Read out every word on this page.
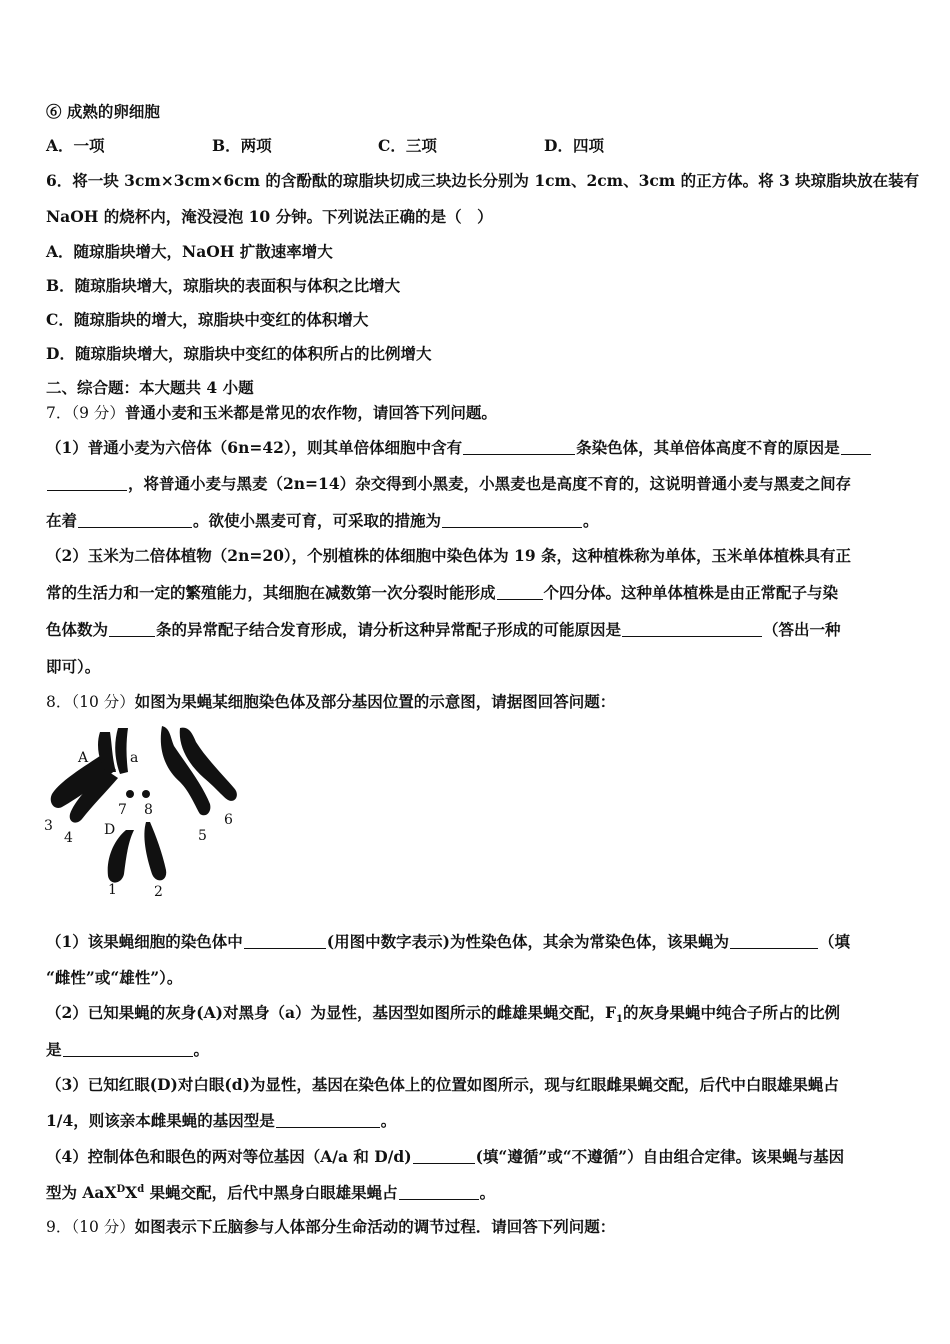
⑥ 成熟的卵细胞
A．一项	B．两项	C．三项	D．四项
6．将一块 3cm×3cm×6cm 的含酚酞的琼脂块切成三块边长分别为 1cm、2cm、3cm 的正方体。将 3 块琼脂块放在装有
NaOH 的烧杯内，淹没浸泡 10 分钟。下列说法正确的是（　）
A．随琼脂块增大，NaOH 扩散速率增大
B．随琼脂块增大，琼脂块的表面积与体积之比增大
C．随琼脂块的增大，琼脂块中变红的体积增大
D．随琼脂块增大，琼脂块中变红的体积所占的比例增大
二、综合题：本大题共 4 小题
7．（9 分）普通小麦和玉米都是常见的农作物，请回答下列问题。
（1）普通小麦为六倍体（6n=42），则其单倍体细胞中含有	条染色体，其单倍体高度不育的原因是
，将普通小麦与黑麦（2n=14）杂交得到小黑麦，小黑麦也是高度不育的，这说明普通小麦与黑麦之间存
在着	。欲使小黑麦可育，可采取的措施为	。
（2）玉米为二倍体植物（2n=20），个别植株的体细胞中染色体为 19 条，这种植株称为单体，玉米单体植株具有正
常的生活力和一定的繁殖能力，其细胞在减数第一次分裂时能形成	个四分体。这种单体植株是由正常配子与染
色体数为	条的异常配子结合发育形成，请分析这种异常配子形成的可能原因是	（答出一种
即可）。
8．（10 分）如图为果蝇某细胞染色体及部分基因位置的示意图，请据图回答问题：
A	a
7 8
3
4 D	5
6
1	2
（1）该果蝇细胞的染色体中	(用图中数字表示)为性染色体，其余为常染色体，该果蝇为	（填
“雌性”或“雄性”）。
（2）已知果蝇的灰身(A)对黑身（a）为显性，基因型如图所示的雌雄果蝇交配，$F_1$的灰身果蝇中纯合子所占的比例
是	。
（3）已知红眼(D)对白眼(d)为显性，基因在染色体上的位置如图所示，现与红眼雌果蝇交配，后代中白眼雄果蝇占
1/4，则该亲本雌果蝇的基因型是	。
（4）控制体色和眼色的两对等位基因（A/a 和 D/d)	(填“遵循”或“不遵循”）自由组合定律。该果蝇与基因
型为 $AaX^DX^d$ 果蝇交配，后代中黑身白眼雄果蝇占	。
9．（10 分）如图表示下丘脑参与人体部分生命活动的调节过程．请回答下列问题：
